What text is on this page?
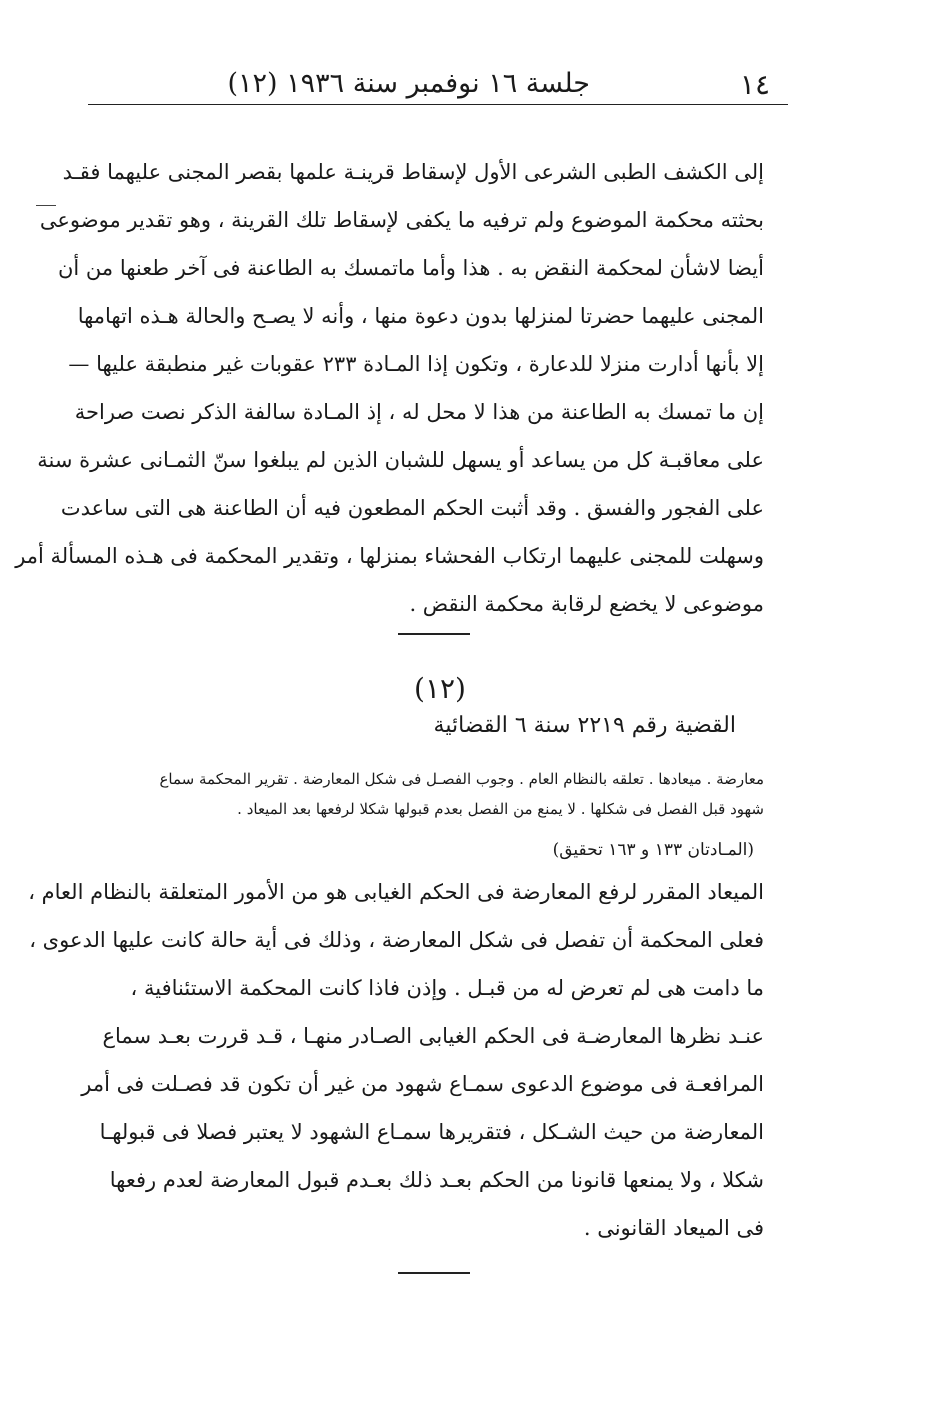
١٤
جلسة ١٦ نوفمبر سنة ١٩٣٦ (١٢)

إلى الكشف الطبى الشرعى الأول لإسقاط قرينـة علمها بقصر المجنى عليهما فقـد

بحثته محكمة الموضوع ولم ترفيه ما يكفى لإسقاط تلك القرينة ، وهو تقدير موضوعى

أيضا لاشأن لمحكمة النقض به . هذا وأما ماتمسك به الطاعنة فى آخر طعنها من أن

المجنى عليهما حضرتا لمنزلها بدون دعوة منها ، وأنه لا يصـح والحالة هـذه اتهامها

إلا بأنها أدارت منزلا للدعارة ، وتكون إذا المـادة ٢٣٣ عقوبات غير منطبقة عليها —

إن ما تمسك به الطاعنة من هذا لا محل له ، إذ المـادة سالفة الذكر نصت صراحة

على معاقبـة كل من يساعد أو يسهل للشبان الذين لم يبلغوا سنّ الثمـانى عشرة سنة

على الفجور والفسق . وقد أثبت الحكم المطعون فيه أن الطاعنة هى التى ساعدت

وسهلت للمجنى عليهما ارتكاب الفحشاء بمنزلها ، وتقدير المحكمة فى هـذه المسألة أمر

موضوعى لا يخضع لرقابة محكمة النقض .

(١٢)
القضية رقم ٢٢١٩ سنة ٦ القضائية

معارضة . ميعادها . تعلقه بالنظام العام . وجوب الفصـل فى شكل المعارضة . تقرير المحكمة سماع

شهود قبل الفصل فى شكلها . لا يمنع من الفصل بعدم قبولها شكلا لرفعها بعد الميعاد .

(المـادتان ١٣٣ و ١٦٣ تحقيق)

الميعاد المقرر لرفع المعارضة فى الحكم الغيابى هو من الأمور المتعلقة بالنظام العام ،

فعلى المحكمة أن تفصل فى شكل المعارضة ، وذلك فى أية حالة كانت عليها الدعوى ،

ما دامت هى لم تعرض له من قبـل . وإذن فاذا كانت المحكمة الاستئنافية ،

عنـد نظرها المعارضـة فى الحكم الغيابى الصـادر منهـا ، قـد قررت بعـد سماع

المرافعـة فى موضوع الدعوى سمـاع شهود من غير أن تكون قد فصـلت فى أمر

المعارضة من حيث الشـكل ، فتقريرها سمـاع الشهود لا يعتبر فصلا فى قبولهـا

شكلا ، ولا يمنعها قانونا من الحكم بعـد ذلك بعـدم قبول المعارضة لعدم رفعها

فى الميعاد القانونى .
